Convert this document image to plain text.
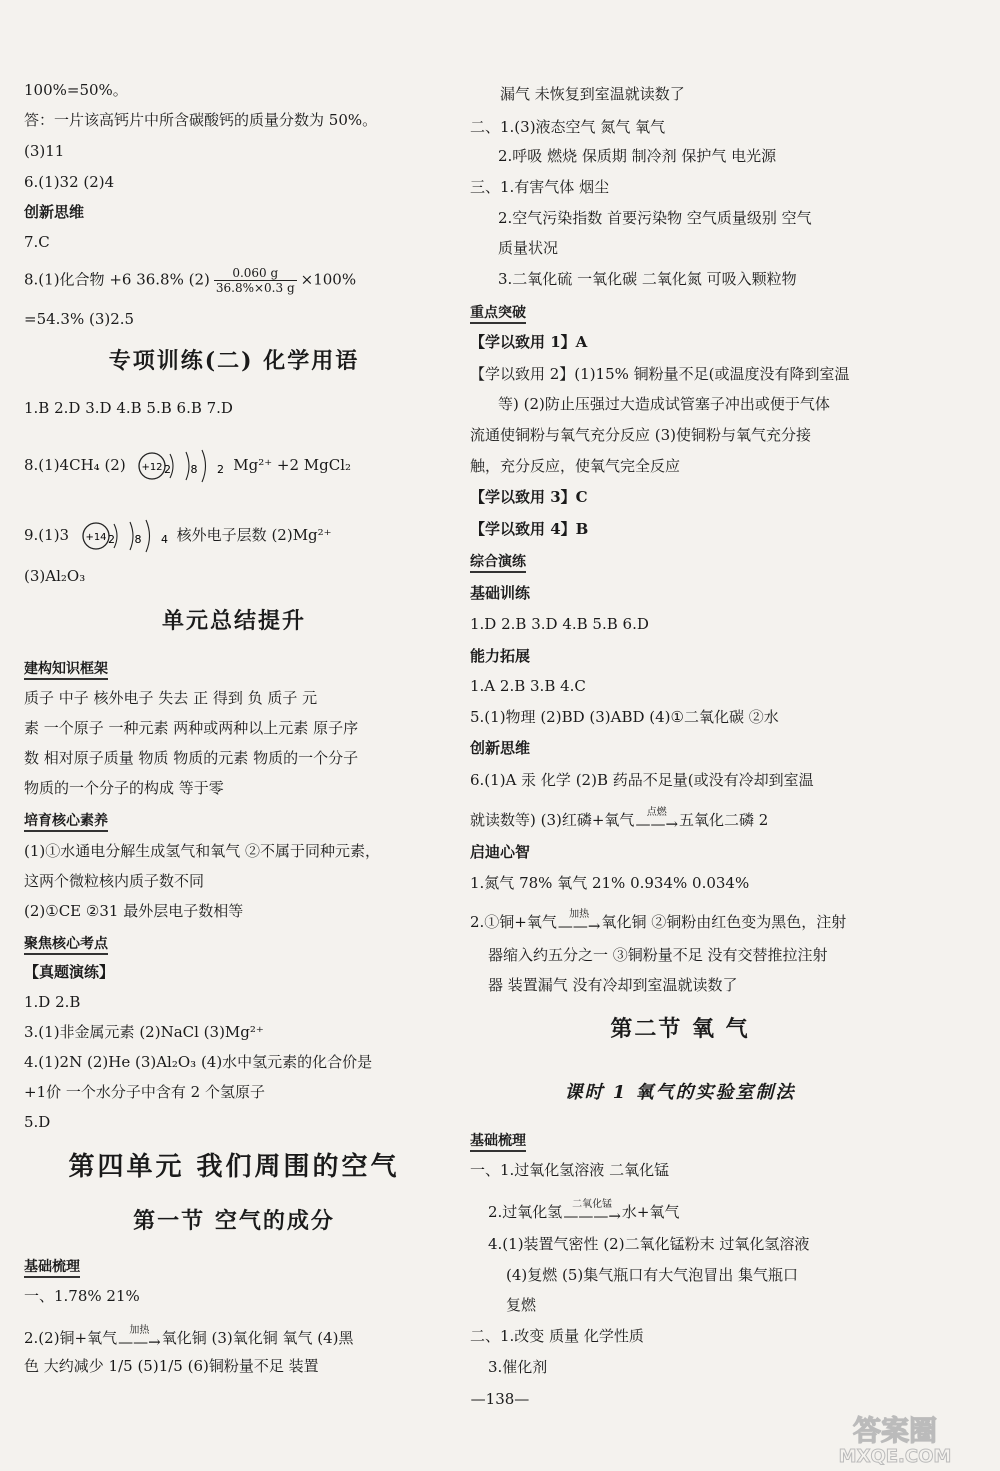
100%=50%。
答：一片该高钙片中所含碳酸钙的质量分数为 50%。
(3)11
6.(1)32 (2)4
创新思维
7.C
8.(1)化合物 +6 36.8% $(2) \frac{0.060 g}{36.8\%\times 0.3 g} \times 100\%$
=54.3% (3)2.5
专项训练(二) 化学用语
1.B 2.D 3.D 4.B 5.B 6.B 7.D
8.(1)4CH₄ (2) +12 2 8 2 Mg²⁺ +2 MgCl₂
9.(1)3 +14 2 8 4 核外电子层数 (2)Mg²⁺
(3)Al₂O₃
单元总结提升
建构知识框架
质子 中子 核外电子 失去 正 得到 负 质子 元
素 一个原子 一种元素 两种或两种以上元素 原子序
数 相对原子质量 物质 物质的元素 物质的一个分子
物质的一个分子的构成 等于零
培育核心素养
(1)①水通电分解生成氢气和氧气 ②不属于同种元素，
这两个微粒核内质子数不同
(2)①CE ②31 最外层电子数相等
聚焦核心考点
【真题演练】
1.D 2.B
3.(1)非金属元素 (2)NaCl (3)Mg²⁺
4.(1)2N (2)He (3)Al₂O₃ (4)水中氢元素的化合价是
+1价 一个水分子中含有 2 个氢原子
5.D
第四单元 我们周围的空气
第一节 空气的成分
基础梳理
一、1.78% 21%
2.(2)铜+氧气	加热
——→ 氧化铜 (3)氧化铜 氧气 (4)黑
色 大约减少 1/5 (5)1/5 (6)铜粉量不足 装置
漏气 未恢复到室温就读数了
二、1.(3)液态空气 氮气 氧气
2.呼吸 燃烧 保质期 制冷剂 保护气 电光源
三、1.有害气体 烟尘
2.空气污染指数 首要污染物 空气质量级别 空气
质量状况
3.二氧化硫 一氧化碳 二氧化氮 可吸入颗粒物
重点突破
【学以致用 1】A
【学以致用 2】(1)15% 铜粉量不足(或温度没有降到室温
等) (2)防止压强过大造成试管塞子冲出或便于气体
流通使铜粉与氧气充分反应 (3)使铜粉与氧气充分接
触，充分反应，使氧气完全反应
【学以致用 3】C
【学以致用 4】B
综合演练
基础训练
1.D 2.B 3.D 4.B 5.B 6.D
能力拓展
1.A 2.B 3.B 4.C
5.(1)物理 (2)BD (3)ABD (4)①二氧化碳 ②水
创新思维
6.(1)A 汞 化学 (2)B 药品不足量(或没有冷却到室温
就读数等) (3)红磷+氧气	点燃
——→ 五氧化二磷 2
启迪心智
1.氮气 78% 氧气 21% 0.934% 0.034%
2.①铜+氧气	加热
——→ 氧化铜 ②铜粉由红色变为黑色，注射
器缩入约五分之一 ③铜粉量不足 没有交替推拉注射
器 装置漏气 没有冷却到室温就读数了
第二节 氧 气
课时 1 氧气的实验室制法
基础梳理
一、1.过氧化氢溶液 二氧化锰
2.过氧化氢 二氧化锰
———→ 水+氧气
4.(1)装置气密性 (2)二氧化锰粉末 过氧化氢溶液
(4)复燃 (5)集气瓶口有大气泡冒出 集气瓶口
复燃
二、1.改变 质量 化学性质
3.催化剂
—138—
答案圈
MXQE.COM
